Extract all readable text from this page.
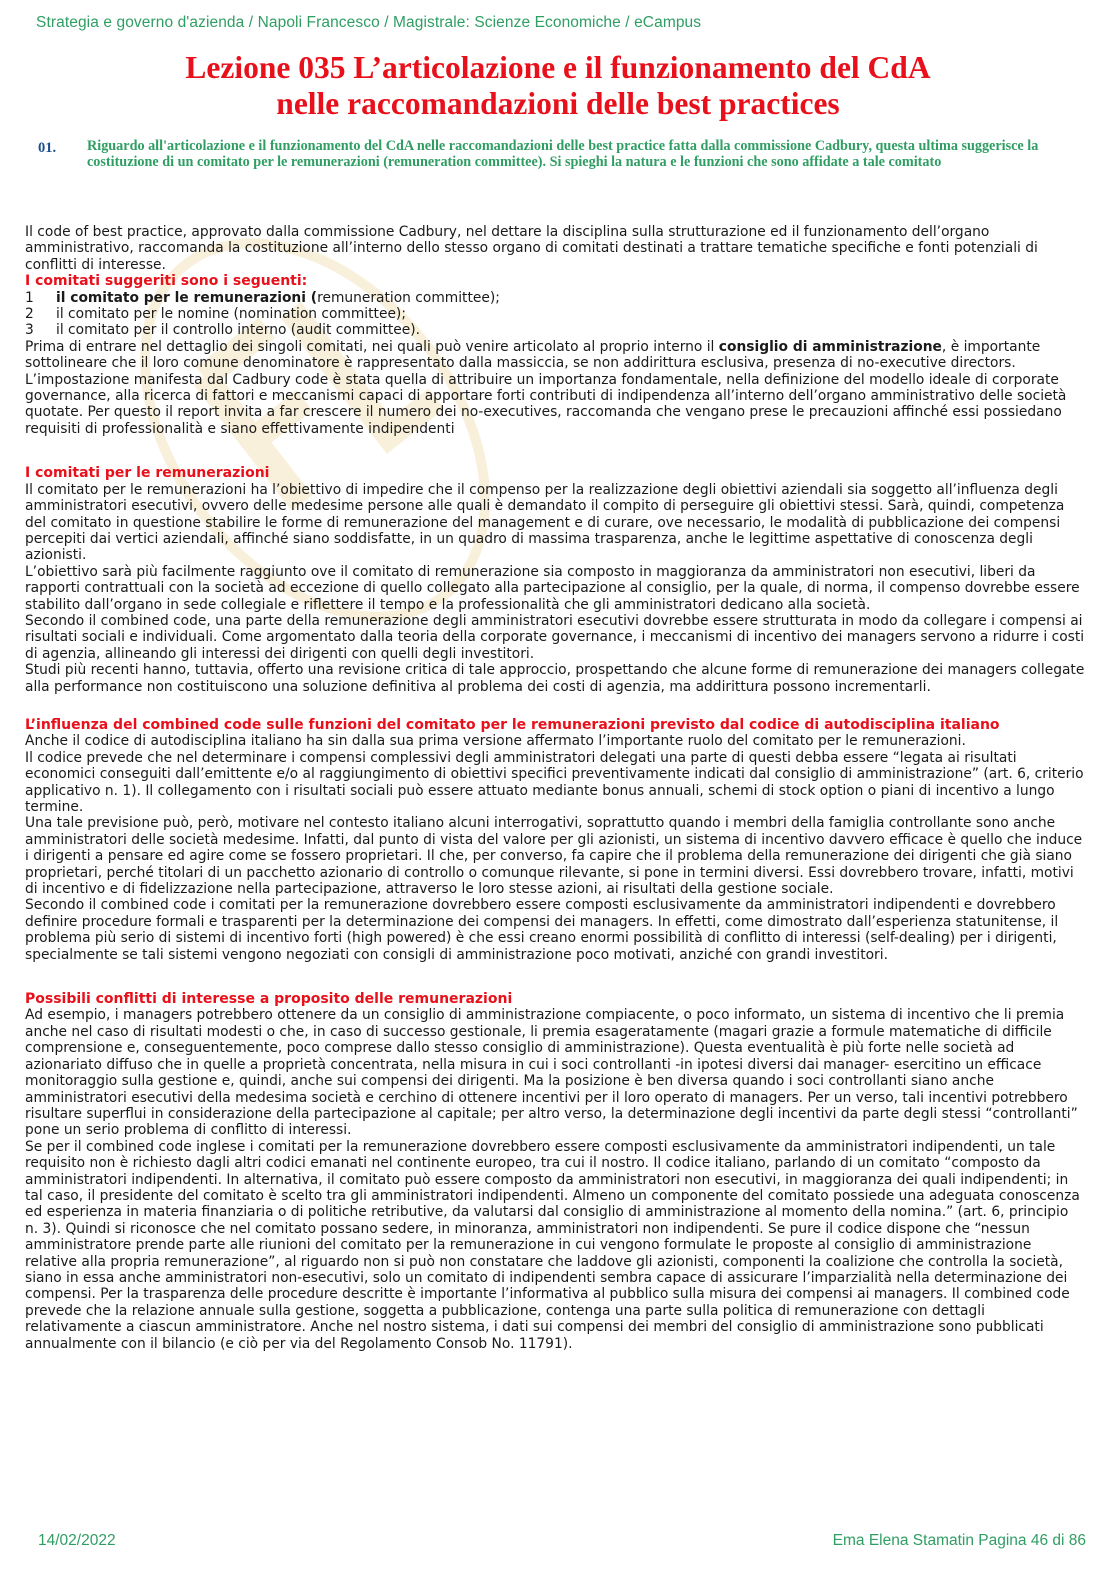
Strategia e governo d'azienda / Napoli Francesco / Magistrale: Scienze Economiche / eCampus
Lezione 035 L’articolazione e il funzionamento del CdA
nelle raccomandazioni delle best practices
01. Riguardo all'articolazione e il funzionamento del CdA nelle raccomandazioni delle best practice fatta dalla commissione Cadbury, questa ultima suggerisce la costituzione di un comitato per le remunerazioni (remuneration committee). Si spieghi la natura e le funzioni che sono affidate a tale comitato

Il code of best practice, approvato dalla commissione Cadbury, nel dettare la disciplina sulla strutturazione ed il funzionamento dell’organo amministrativo, raccomanda la costituzione all’interno dello stesso organo di comitati destinati a trattare tematiche specifiche e fonti potenziali di conflitti di interesse.

I comitati suggeriti sono i seguenti:

1	il comitato per le remunerazioni (remuneration committee);
2	il comitato per le nomine (nomination committee);
3	il comitato per il controllo interno (audit committee).

Prima di entrare nel dettaglio dei singoli comitati, nei quali può venire articolato al proprio interno il consiglio di amministrazione, è importante sottolineare che il loro comune denominatore è rappresentato dalla massiccia, se non addirittura esclusiva, presenza di no-executive directors. L’impostazione manifesta dal Cadbury code è stata quella di attribuire un importanza fondamentale, nella definizione del modello ideale di corporate governance, alla ricerca di fattori e meccanismi capaci di apportare forti contributi di indipendenza all’interno dell’organo amministrativo delle società quotate. Per questo il report invita a far crescere il numero dei no-executives, raccomanda che vengano prese le precauzioni affinché essi possiedano requisiti di professionalità e siano effettivamente indipendenti

I comitati per le remunerazioni

Il comitato per le remunerazioni ha l’obiettivo di impedire che il compenso per la realizzazione degli obiettivi aziendali sia soggetto all’influenza degli amministratori esecutivi, ovvero delle medesime persone alle quali è demandato il compito di perseguire gli obiettivi stessi. Sarà, quindi, competenza del comitato in questione stabilire le forme di remunerazione del management e di curare, ove necessario, le modalità di pubblicazione dei compensi percepiti dai vertici aziendali, affinché siano soddisfatte, in un quadro di massima trasparenza, anche le legittime aspettative di conoscenza degli azionisti.

L’obiettivo sarà più facilmente raggiunto ove il comitato di remunerazione sia composto in maggioranza da amministratori non esecutivi, liberi da rapporti contrattuali con la società ad eccezione di quello collegato alla partecipazione al consiglio, per la quale, di norma, il compenso dovrebbe essere stabilito dall’organo in sede collegiale e riflettere il tempo e la professionalità che gli amministratori dedicano alla società.

Secondo il combined code, una parte della remunerazione degli amministratori esecutivi dovrebbe essere strutturata in modo da collegare i compensi ai risultati sociali e individuali. Come argomentato dalla teoria della corporate governance, i meccanismi di incentivo dei managers servono a ridurre i costi di agenzia, allineando gli interessi dei dirigenti con quelli degli investitori.

Studi più recenti hanno, tuttavia, offerto una revisione critica di tale approccio, prospettando che alcune forme di remunerazione dei managers collegate alla performance non costituiscono una soluzione definitiva al problema dei costi di agenzia, ma addirittura possono incrementarli.

L’influenza del combined code sulle funzioni del comitato per le remunerazioni previsto dal codice di autodisciplina italiano

Anche il codice di autodisciplina italiano ha sin dalla sua prima versione affermato l’importante ruolo del comitato per le remunerazioni.

Il codice prevede che nel determinare i compensi complessivi degli amministratori delegati una parte di questi debba essere “legata ai risultati economici conseguiti dall’emittente e/o al raggiungimento di obiettivi specifici preventivamente indicati dal consiglio di amministrazione” (art. 6, criterio applicativo n. 1). Il collegamento con i risultati sociali può essere attuato mediante bonus annuali, schemi di stock option o piani di incentivo a lungo termine.

Una tale previsione può, però, motivare nel contesto italiano alcuni interrogativi, soprattutto quando i membri della famiglia controllante sono anche amministratori delle società medesime. Infatti, dal punto di vista del valore per gli azionisti, un sistema di incentivo davvero efficace è quello che induce i dirigenti a pensare ed agire come se fossero proprietari. Il che, per converso, fa capire che il problema della remunerazione dei dirigenti che già siano proprietari, perché titolari di un pacchetto azionario di controllo o comunque rilevante, si pone in termini diversi. Essi dovrebbero trovare, infatti, motivi di incentivo e di fidelizzazione nella partecipazione, attraverso le loro stesse azioni, ai risultati della gestione sociale.

Secondo il combined code i comitati per la remunerazione dovrebbero essere composti esclusivamente da amministratori indipendenti e dovrebbero definire procedure formali e trasparenti per la determinazione dei compensi dei managers. In effetti, come dimostrato dall’esperienza statunitense, il problema più serio di sistemi di incentivo forti (high powered) è che essi creano enormi possibilità di conflitto di interessi (self-dealing) per i dirigenti, specialmente se tali sistemi vengono negoziati con consigli di amministrazione poco motivati, anziché con grandi investitori.

Possibili conflitti di interesse a proposito delle remunerazioni

Ad esempio, i managers potrebbero ottenere da un consiglio di amministrazione compiacente, o poco informato, un sistema di incentivo che li premia anche nel caso di risultati modesti o che, in caso di successo gestionale, li premia esageratamente (magari grazie a formule matematiche di difficile comprensione e, conseguentemente, poco comprese dallo stesso consiglio di amministrazione). Questa eventualità è più forte nelle società ad azionariato diffuso che in quelle a proprietà concentrata, nella misura in cui i soci controllanti -in ipotesi diversi dai manager- esercitino un efficace monitoraggio sulla gestione e, quindi, anche sui compensi dei dirigenti. Ma la posizione è ben diversa quando i soci controllanti siano anche amministratori esecutivi della medesima società e cerchino di ottenere incentivi per il loro operato di managers. Per un verso, tali incentivi potrebbero risultare superflui in considerazione della partecipazione al capitale; per altro verso, la determinazione degli incentivi da parte degli stessi “controllanti” pone un serio problema di conflitto di interessi.

Se per il combined code inglese i comitati per la remunerazione dovrebbero essere composti esclusivamente da amministratori indipendenti, un tale requisito non è richiesto dagli altri codici emanati nel continente europeo, tra cui il nostro. Il codice italiano, parlando di un comitato “composto da amministratori indipendenti. In alternativa, il comitato può essere composto da amministratori non esecutivi, in maggioranza dei quali indipendenti; in tal caso, il presidente del comitato è scelto tra gli amministratori indipendenti. Almeno un componente del comitato possiede una adeguata conoscenza ed esperienza in materia finanziaria o di politiche retributive, da valutarsi dal consiglio di amministrazione al momento della nomina.” (art. 6, principio n. 3). Quindi si riconosce che nel comitato possano sedere, in minoranza, amministratori non indipendenti. Se pure il codice dispone che “nessun amministratore prende parte alle riunioni del comitato per la remunerazione in cui vengono formulate le proposte al consiglio di amministrazione relative alla propria remunerazione”, al riguardo non si può non constatare che laddove gli azionisti, componenti la coalizione che controlla la società, siano in essa anche amministratori non-esecutivi, solo un comitato di indipendenti sembra capace di assicurare l’imparzialità nella determinazione dei compensi. Per la trasparenza delle procedure descritte è importante l’informativa al pubblico sulla misura dei compensi ai managers. Il combined code prevede che la relazione annuale sulla gestione, soggetta a pubblicazione, contenga una parte sulla politica di remunerazione con dettagli relativamente a ciascun amministratore. Anche nel nostro sistema, i dati sui compensi dei membri del consiglio di amministrazione sono pubblicati annualmente con il bilancio (e ciò per via del Regolamento Consob No. 11791).

14/02/2022	Ema Elena Stamatin Pagina 46 di 86
